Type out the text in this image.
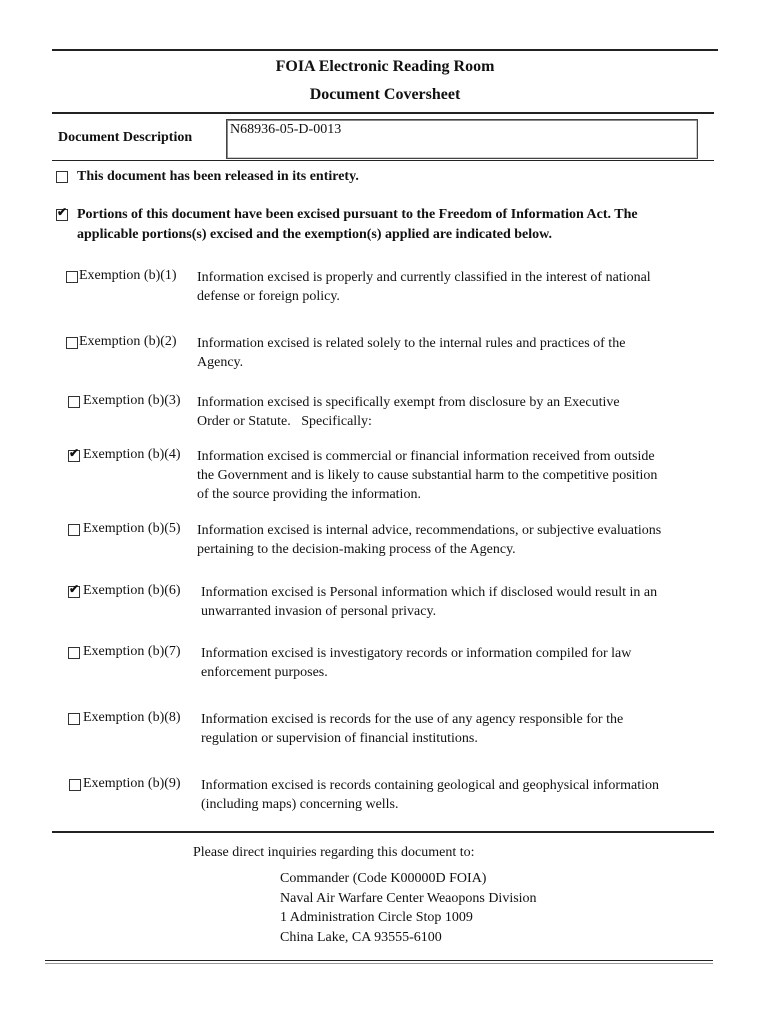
FOIA Electronic Reading Room
Document Coversheet
Document Description
N68936-05-D-0013
This document has been released in its entirety.
✔ Portions of this document have been excised pursuant to the Freedom of Information Act. The
applicable portions(s) excised and the exemption(s) applied are indicated below.
Exemption (b)(1) Information excised is properly and currently classified in the interest of national
defense or foreign policy.
Exemption (b)(2) Information excised is related solely to the internal rules and practices of the
Agency.
Exemption (b)(3) Information excised is specifically exempt from disclosure by an Executive
Order or Statute.   Specifically:
✔ Exemption (b)(4) Information excised is commercial or financial information received from outside
the Government and is likely to cause substantial harm to the competitive position
of the source providing the information.
Exemption (b)(5) Information excised is internal advice, recommendations, or subjective evaluations
pertaining to the decision-making process of the Agency.
✔ Exemption (b)(6) Information excised is Personal information which if disclosed would result in an
unwarranted invasion of personal privacy.
Exemption (b)(7) Information excised is investigatory records or information compiled for law
enforcement purposes.
Exemption (b)(8) Information excised is records for the use of any agency responsible for the
regulation or supervision of financial institutions.
Exemption (b)(9) Information excised is records containing geological and geophysical information
(including maps) concerning wells.
Please direct inquiries regarding this document to:
Commander (Code K00000D FOIA)
Naval Air Warfare Center Weaopons Division
1 Administration Circle Stop 1009
China Lake, CA 93555-6100
